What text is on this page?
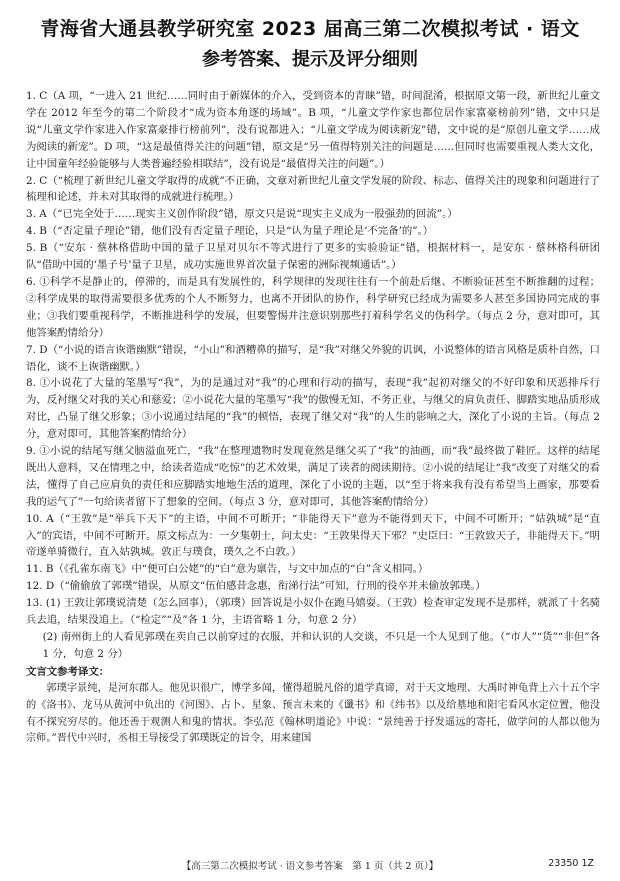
青海省大通县教学研究室 2023 届高三第二次模拟考试 · 语文
参考答案、提示及评分细则

1. C（A 项，“一进入 21 世纪……同时由于新媒体的介入，受到资本的青睐”错，时间混淆，根据原文第一段，新世纪儿童文学在 2012 年至今的第二个阶段才“成为资本角逐的场域”。B 项，“儿童文学作家也都位居作家富豪榜前列”错，文中只是说“儿童文学作家进入作家富豪排行榜前列”，没有说都进入；“儿童文学成为阅读新宠”错，文中说的是“原创儿童文学……成为阅读的新宠”。D 项，“这是最值得关注的问题”错，原文是“另一值得特别关注的问题是……但同时也需要重视人类大文化，让中国童年经验能够与人类普遍经验相联结”，没有说是“最值得关注的问题”。）

2. C（“梳理了新世纪儿童文学取得的成就”不正确，文章对新世纪儿童文学发展的阶段、标志、值得关注的现象和问题进行了梳理和论述，并未对其取得的成就进行梳理。）

3. A（“已完全处于……现实主义创作阶段”错，原文只是说“现实主义成为一股强劲的回流”。）

4. B（“否定量子理论”错，他们没有否定量子理论，只是“认为量子理论是‘不完备’的”。）

5. B（“安东 · 蔡林格借助中国的量子卫星对贝尔不等式进行了更多的实验验证”错，根据材料一，是安东 · 蔡林格科研团队“借助中国的‘墨子号’量子卫星，成功实施世界首次量子保密的洲际视频通话”。）

6. ①科学不是静止的，停滞的，而是具有发展性的，科学规律的发现往往有一个前赴后继、不断验证甚至不断推翻的过程；②科学成果的取得需要很多优秀的个人不断努力，也离不开团队的协作，科学研究已经成为需要多人甚至多国协同完成的事业；③我们要重视科学，不断推进科学的发展，但要警惕并注意识别那些打着科学名义的伪科学。（每点 2 分，意对即可，其他答案酌情给分）

7. D（“小说的语言诙谐幽默”错误，“小山”和酒糟鼻的描写，是“我”对继父外貌的讥讽，小说整体的语言风格是质朴自然，口语化，谈不上诙谐幽默。）

8. ①小说花了大量的笔墨写“我”，为的是通过对“我”的心理和行动的描写，表现“我”起初对继父的不好印象和厌恶排斥行为，反衬继父对我的关心和慈爱；②小说花大量的笔墨写“我”的傲慢无知、不务正业，与继父的肩负责任、脚踏实地品质形成对比，凸显了继父形象；③小说通过结尾的“我”的顿悟，表现了继父对“我”的人生的影响之大，深化了小说的主旨。（每点 2 分，意对即可，其他答案酌情给分）

9. ①小说的结尾写继父脑溢血死亡，“我”在整理遗物时发现竟然是继父买了“我”的油画，而“我”最终做了鞋匠。这样的结尾既出人意料，又在情理之中，给读者造成“吃惊”的艺术效果，满足了读者的阅读期待。②小说的结尾让“我”改变了对继父的看法，懂得了自己应肩负的责任和应脚踏实地地生活的道理，深化了小说的主题，以“至于将来我有没有希望当上画家，那要看我的运气了”一句给读者留下了想象的空间。（每点 3 分，意对即可，其他答案酌情给分）

10. A（“王敦”是“举兵下天下”的主语，中间不可断开；“非能得天下”意为不能得到天下，中间不可断开；“姑孰城”是“直入”的宾语，中间不可断开。原文标点为：一夕集朝士，问太史：“王敦果得天下邪？”史臣曰：“王敦致天子，非能得天下。”明帝遂单骑微行，直入姑孰城。敦正与璞食，璞久之不白敦。）

11. B（《孔雀东南飞》中“便可白公姥”的“白”意为禀告，与文中加点的“白”含义相同。）

12. D（“偷偷放了郭璞”错误，从原文“伍伯感昔念惠，衔涕行法”可知，行刑的役卒并未偷放郭璞。）

13. (1) 王敦让郭璞说清楚（怎么回事），（郭璞）回答说是小奴仆在跑马嬉耍。（王敦）检查审定发现不是那样，就派了十名骑兵去追，结果没追上。（“检定”“及”各 1 分，主语省略 1 分，句意 2 分）

(2) 南州街上的人看见郭璞在卖自己以前穿过的衣服，并和认识的人交谈，不只是一个人见到了他。（“市人”“货”“非但”各 1 分，句意 2 分）

文言文参考译文：

郭璞字景纯，是河东郡人。他见识很广，博学多闻，懂得超脱凡俗的道学真谛，对于天文地理、大禹时神龟背上六十五个字的《洛书》、龙马从黄河中负出的《河图》、占卜、星象、预言未来的《谶书》和《纬书》以及给墓地和阳宅看风水定位置，他没有不探究穷尽的。他还善于观测人和鬼的情状。李弘范《翰林明道论》中说：“景纯善于抒发遥远的寄托，做学问的人都以他为宗师。”晋代中兴时，丞相王导接受了郭璞既定的旨令，用来建国

【高三第二次模拟考试 · 语文参考答案　第 1 页（共 2 页）】	23350 1Z
